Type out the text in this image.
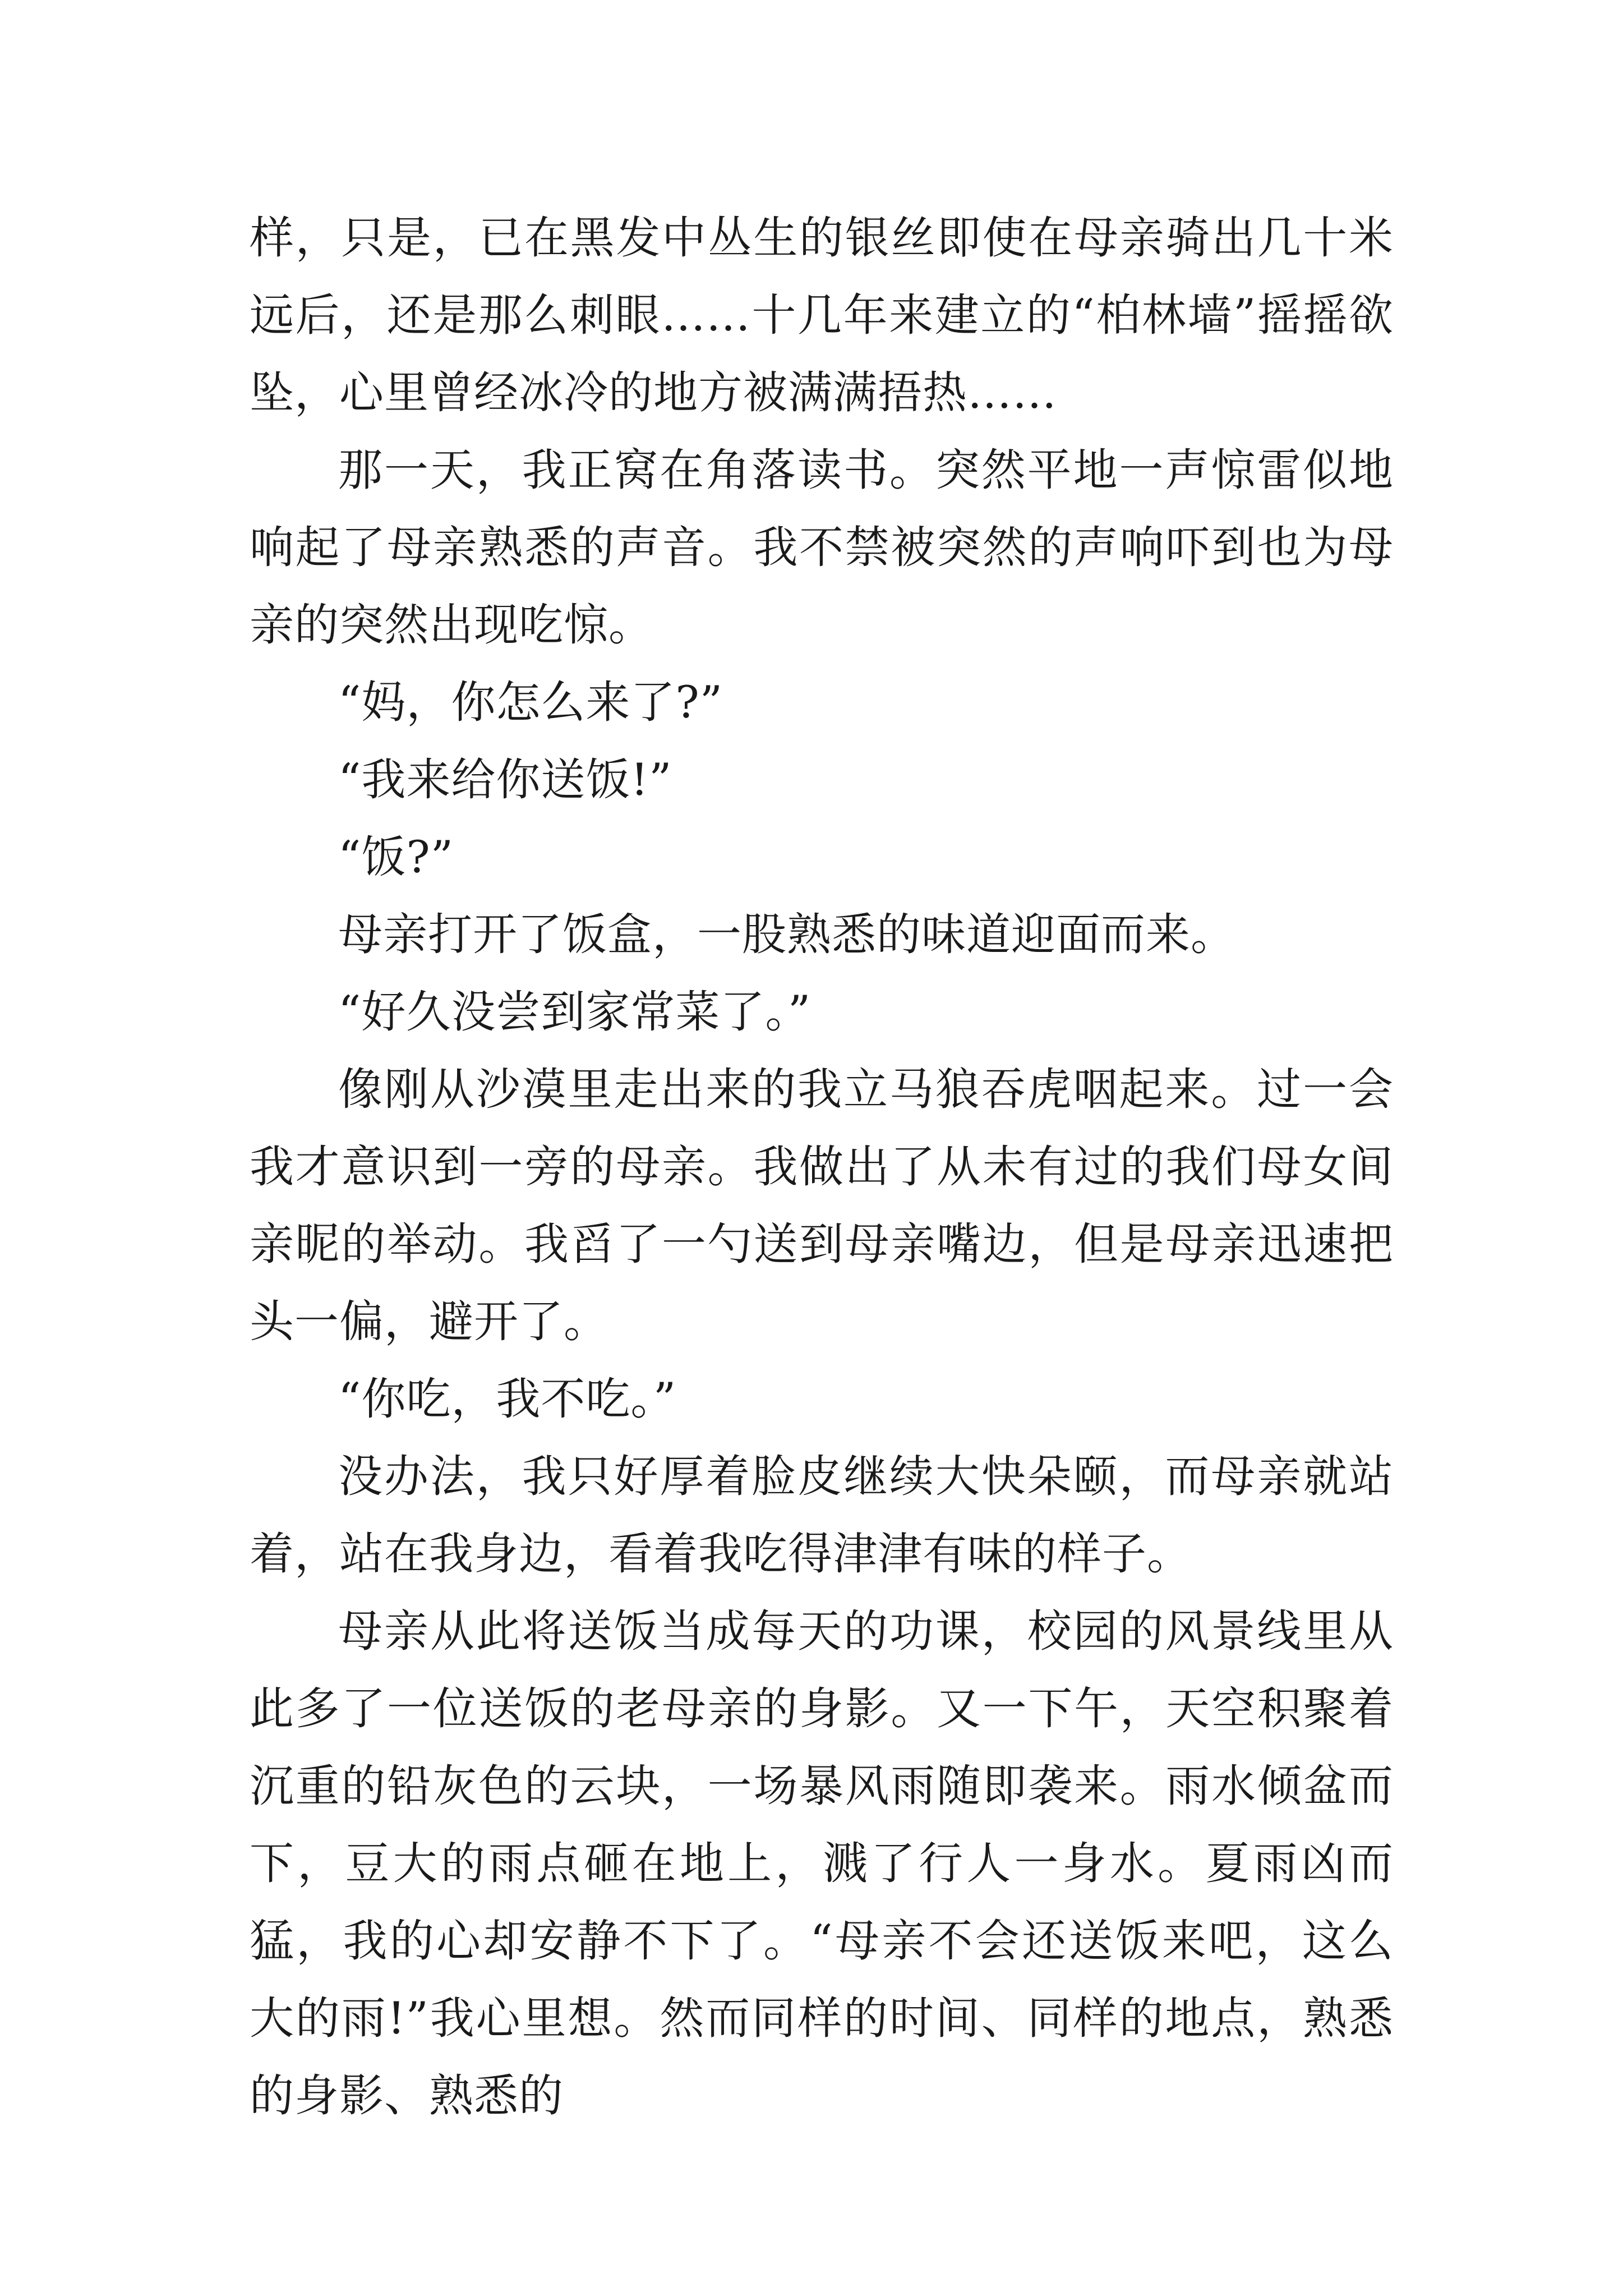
样，只是，已在黑发中丛生的银丝即使在母亲骑出几十米远后，还是那么刺眼……十几年来建立的“柏林墙”摇摇欲坠，心里曾经冰冷的地方被满满捂热……

那一天，我正窝在角落读书。突然平地一声惊雷似地响起了母亲熟悉的声音。我不禁被突然的声响吓到也为母亲的突然出现吃惊。

“妈，你怎么来了?”

“我来给你送饭!”

“饭?”

母亲打开了饭盒，一股熟悉的味道迎面而来。

“好久没尝到家常菜了。”

像刚从沙漠里走出来的我立马狼吞虎咽起来。过一会我才意识到一旁的母亲。我做出了从未有过的我们母女间亲昵的举动。我舀了一勺送到母亲嘴边，但是母亲迅速把头一偏，避开了。

“你吃，我不吃。”

没办法，我只好厚着脸皮继续大快朵颐，而母亲就站着，站在我身边，看着我吃得津津有味的样子。

母亲从此将送饭当成每天的功课，校园的风景线里从此多了一位送饭的老母亲的身影。又一下午，天空积聚着沉重的铅灰色的云块，一场暴风雨随即袭来。雨水倾盆而下，豆大的雨点砸在地上，溅了行人一身水。夏雨凶而猛，我的心却安静不下了。“母亲不会还送饭来吧，这么大的雨!”我心里想。然而同样的时间、同样的地点，熟悉的身影、熟悉的
